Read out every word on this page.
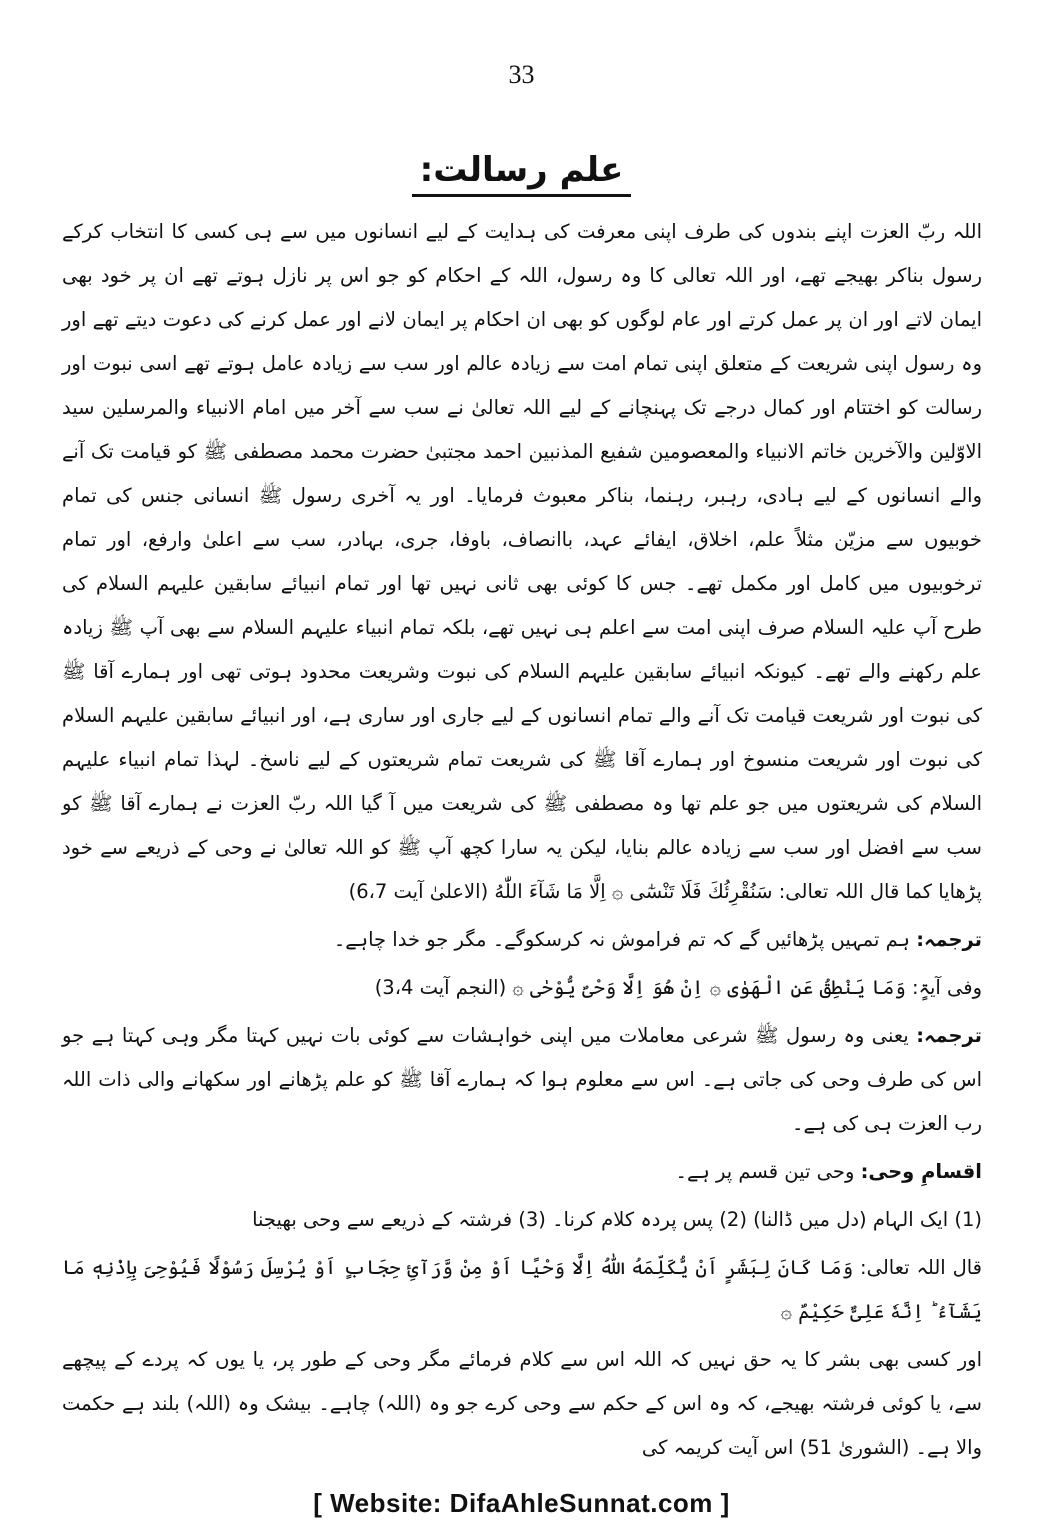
33
علم رسالت:

اللہ ربّ العزت اپنے بندوں کی طرف اپنی معرفت کی ہدایت کے لیے انسانوں میں سے ہی کسی کا انتخاب کرکے رسول بناکر بھیجے تھے، اور اللہ تعالی کا وہ رسول، اللہ کے احکام کو جو اس پر نازل ہوتے تھے ان پر خود بھی ایمان لاتے اور ان پر عمل کرتے اور عام لوگوں کو بھی ان احکام پر ایمان لانے اور عمل کرنے کی دعوت دیتے تھے اور وہ رسول اپنی شریعت کے متعلق اپنی تمام امت سے زیادہ عالم اور سب سے زیادہ عامل ہوتے تھے اسی نبوت اور رسالت کو اختتام اور کمال درجے تک پہنچانے کے لیے اللہ تعالیٰ نے سب سے آخر میں امام الانبیاء والمرسلین سید الاوّلین والآخرین خاتم الانبیاء والمعصومین شفیع المذنبین احمد مجتبیٰ حضرت محمد مصطفی ﷺ کو قیامت تک آنے والے انسانوں کے لیے ہادی، رہبر، رہنما، بناکر معبوث فرمایا۔ اور یہ آخری رسول ﷺ انسانی جنس کی تمام خوبیوں سے مزیّن مثلاً علم، اخلاق، ایفائے عہد، باانصاف، باوفا، جری، بہادر، سب سے اعلیٰ وارفع، اور تمام ترخوبیوں میں کامل اور مکمل تھے۔ جس کا کوئی بھی ثانی نہیں تھا اور تمام انبیائے سابقین علیہم السلام کی طرح آپ علیہ السلام صرف اپنی امت سے اعلم ہی نہیں تھے، بلکہ تمام انبیاء علیہم السلام سے بھی آپ ﷺ زیادہ علم رکھنے والے تھے۔ کیونکہ انبیائے سابقین علیہم السلام کی نبوت وشریعت محدود ہوتی تھی اور ہمارے آقا ﷺ کی نبوت اور شریعت قیامت تک آنے والے تمام انسانوں کے لیے جاری اور ساری ہے، اور انبیائے سابقین علیہم السلام کی نبوت اور شریعت منسوخ اور ہمارے آقا ﷺ کی شریعت تمام شریعتوں کے لیے ناسخ۔ لہذا تمام انبیاء علیہم السلام کی شریعتوں میں جو علم تھا وہ مصطفی ﷺ کی شریعت میں آ گیا اللہ ربّ العزت نے ہمارے آقا ﷺ کو سب سے افضل اور سب سے زیادہ عالم بنایا، لیکن یہ سارا کچھ آپ ﷺ کو اللہ تعالیٰ نے وحی کے ذریعے سے خود پڑھایا کما قال اللہ تعالی: سَنُقْرِئُكَ فَلَا تَنْسٰٓی ۞ اِلَّا مَا شَآءَ اللّٰهُ (الاعلیٰ آیت 6،7)

ترجمہ: ہم تمہیں پڑھائیں گے کہ تم فراموش نہ کرسکوگے۔ مگر جو خدا چاہے۔

وفی آیۃٍ: وَمَا يَنْطِقُ عَنِ الْهَوٰى ۞ اِنْ هُوَ اِلَّا وَحْیٌ يُّوْحٰى ۞ (النجم آیت 3،4)

ترجمہ: یعنی وہ رسول ﷺ شرعی معاملات میں اپنی خواہشات سے کوئی بات نہیں کہتا مگر وہی کہتا ہے جو اس کی طرف وحی کی جاتی ہے۔ اس سے معلوم ہوا کہ ہمارے آقا ﷺ کو علم پڑھانے اور سکھانے والی ذات اللہ رب العزت ہی کی ہے۔

اقسامِ وحی: وحی تین قسم پر ہے۔

(1) ایک الہام (دل میں ڈالنا) (2) پس پردہ کلام کرنا۔ (3) فرشتہ کے ذریعے سے وحی بھیجنا

قال اللہ تعالی: وَمَا كَانَ لِبَشَرٍ اَنْ يُّكَلِّمَهُ اللّٰهُ اِلَّا وَحْيًا اَوْ مِنْ وَّرَآئِ حِجَابٍ اَوْ يُرْسِلَ رَسُوْلًا فَيُوْحِیَ بِاِذْنِهٖ مَا يَشَآءُ ؕ اِنَّهٗ عَلِیٌّ حَكِيْمٌ ۞

اور کسی بھی بشر کا یہ حق نہیں کہ اللہ اس سے کلام فرمائے مگر وحی کے طور پر، یا یوں کہ پردے کے پیچھے سے، یا کوئی فرشتہ بھیجے، کہ وہ اس کے حکم سے وحی کرے جو وہ (اللہ) چاہے۔ بیشک وہ (اللہ) بلند ہے حکمت والا ہے۔ (الشوریٰ 51) اس آیت کریمہ کی

[ Website: DifaAhleSunnat.com ]
